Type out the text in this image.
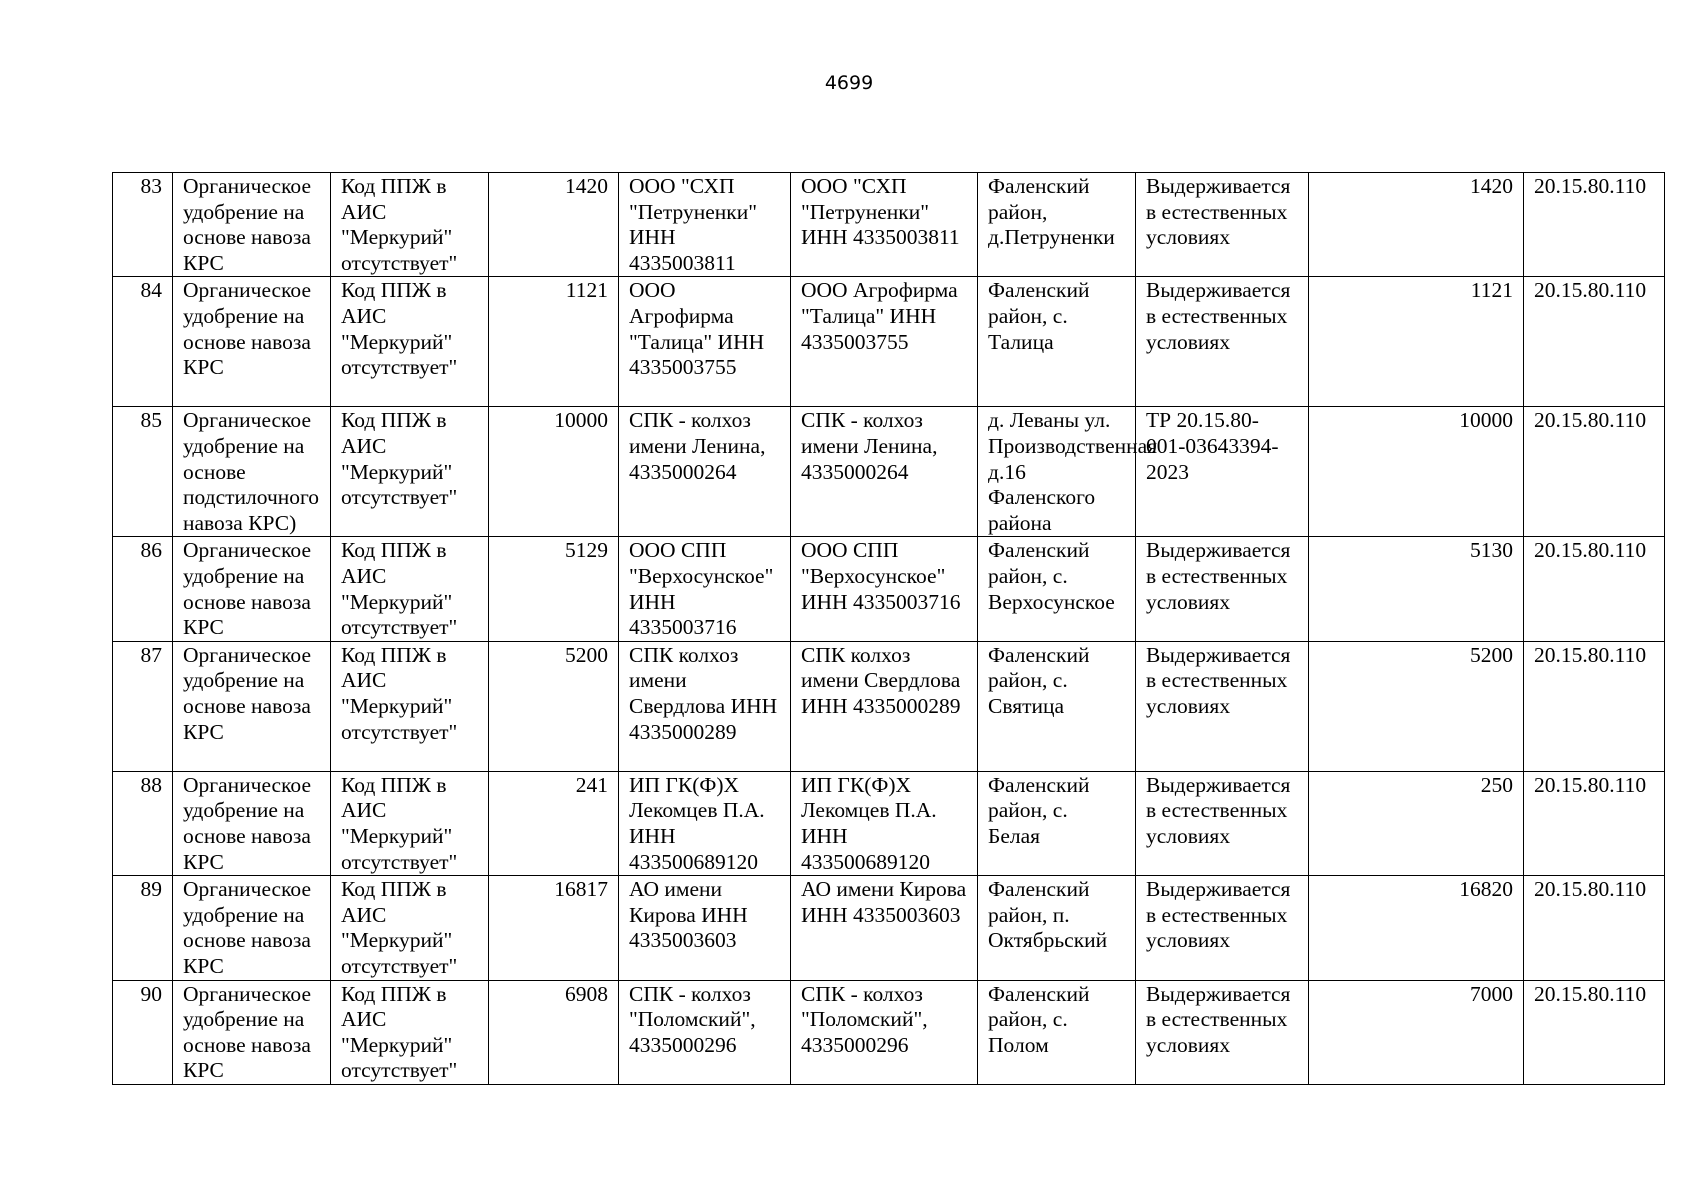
4699
83	Органическое удобрение на основе навоза КРС	Код ППЖ в АИС "Меркурий" отсутствует"	1420	ООО "СХП "Петруненки" ИНН 4335003811	ООО "СХП "Петруненки" ИНН 4335003811	Фаленский район, д.Петруненки	Выдерживается в естественных условиях	1420	20.15.80.110
84	Органическое удобрение на основе навоза КРС	Код ППЖ в АИС "Меркурий" отсутствует"	1121	ООО Агрофирма "Талица" ИНН 4335003755	ООО Агрофирма "Талица" ИНН 4335003755	Фаленский район, с. Талица	Выдерживается в естественных условиях	1121	20.15.80.110
85	Органическое удобрение на основе подстилочного навоза КРС)	Код ППЖ в АИС "Меркурий" отсутствует"	10000	СПК - колхоз имени Ленина, 4335000264	СПК - колхоз имени Ленина, 4335000264	д. Леваны ул. Производственная д.16 Фаленского района	ТР 20.15.80-001-03643394-2023	10000	20.15.80.110
86	Органическое удобрение на основе навоза КРС	Код ППЖ в АИС "Меркурий" отсутствует"	5129	ООО СПП "Верхосунское" ИНН 4335003716	ООО СПП "Верхосунское" ИНН 4335003716	Фаленский район, с. Верхосунское	Выдерживается в естественных условиях	5130	20.15.80.110
87	Органическое удобрение на основе навоза КРС	Код ППЖ в АИС "Меркурий" отсутствует"	5200	СПК колхоз имени Свердлова ИНН 4335000289	СПК колхоз имени Свердлова ИНН 4335000289	Фаленский район, с. Святица	Выдерживается в естественных условиях	5200	20.15.80.110
88	Органическое удобрение на основе навоза КРС	Код ППЖ в АИС "Меркурий" отсутствует"	241	ИП ГК(Ф)Х Лекомцев П.А. ИНН 433500689120	ИП ГК(Ф)Х Лекомцев П.А. ИНН 433500689120	Фаленский район, с. Белая	Выдерживается в естественных условиях	250	20.15.80.110
89	Органическое удобрение на основе навоза КРС	Код ППЖ в АИС "Меркурий" отсутствует"	16817	АО имени Кирова ИНН 4335003603	АО имени Кирова ИНН 4335003603	Фаленский район, п. Октябрьский	Выдерживается в естественных условиях	16820	20.15.80.110
90	Органическое удобрение на основе навоза КРС	Код ППЖ в АИС "Меркурий" отсутствует"	6908	СПК - колхоз "Поломский", 4335000296	СПК - колхоз "Поломский", 4335000296	Фаленский район, с. Полом	Выдерживается в естественных условиях	7000	20.15.80.110
